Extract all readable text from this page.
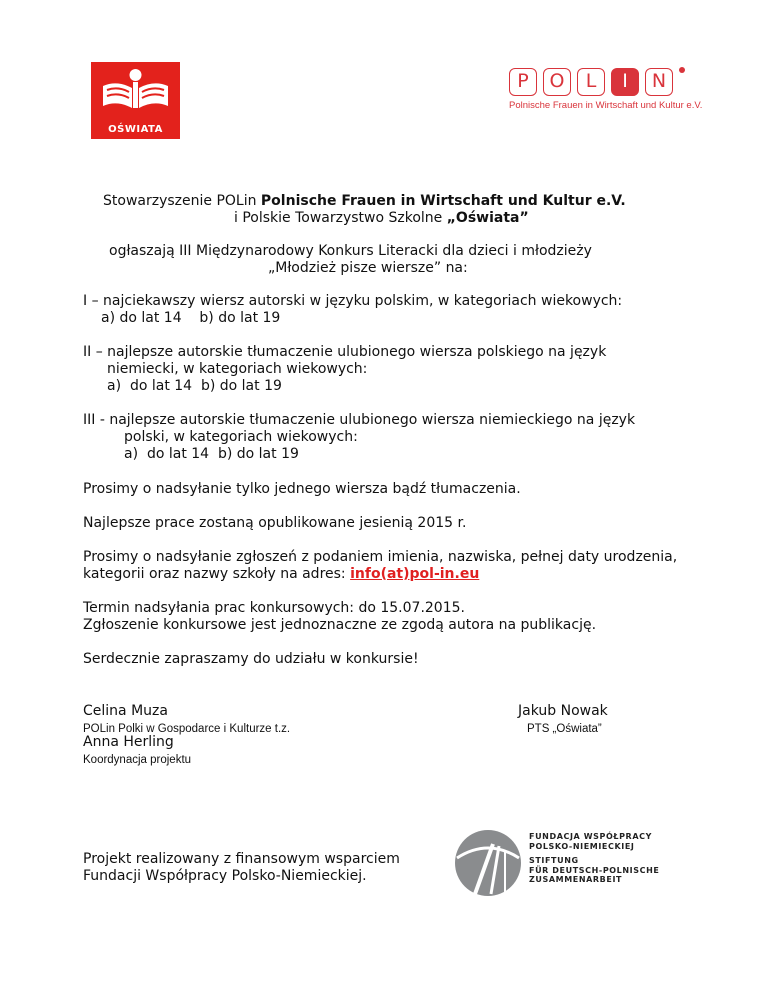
OŚWIATA
P	O	L	I	N
Polnische Frauen in Wirtschaft und Kultur e.V.
Stowarzyszenie POLin Polnische Frauen in Wirtschaft und Kultur e.V.
i Polskie Towarzystwo Szkolne „Oświata”
ogłaszają III Międzynarodowy Konkurs Literacki dla dzieci i młodzieży
„Młodzież pisze wiersze” na:
I – najciekawszy wiersz autorski w języku polskim, w kategoriach wiekowych:
a) do lat 14    b) do lat 19
II – najlepsze autorskie tłumaczenie ulubionego wiersza polskiego na język
niemiecki, w kategoriach wiekowych:
a)  do lat 14  b) do lat 19
III - najlepsze autorskie tłumaczenie ulubionego wiersza niemieckiego na język
polski, w kategoriach wiekowych:
a)  do lat 14  b) do lat 19
Prosimy o nadsyłanie tylko jednego wiersza bądź tłumaczenia.
Najlepsze prace zostaną opublikowane jesienią 2015 r.
Prosimy o nadsyłanie zgłoszeń z podaniem imienia, nazwiska, pełnej daty urodzenia,
kategorii oraz nazwy szkoły na adres: info(at)pol-in.eu
Termin nadsyłania prac konkursowych: do 15.07.2015.
Zgłoszenie konkursowe jest jednoznaczne ze zgodą autora na publikację.
Serdecznie zapraszamy do udziału w konkursie!
Celina Muza
POLin Polki w Gospodarce i Kulturze t.z.
Anna Herling
Koordynacja projektu
Jakub Nowak
PTS „Oświata”
Projekt realizowany z finansowym wsparciem
Fundacji Współpracy Polsko-Niemieckiej.
FUNDACJA WSPÓŁPRACY
POLSKO-NIEMIECKIEJ
STIFTUNG
FÜR DEUTSCH-POLNISCHE
ZUSAMMENARBEIT
